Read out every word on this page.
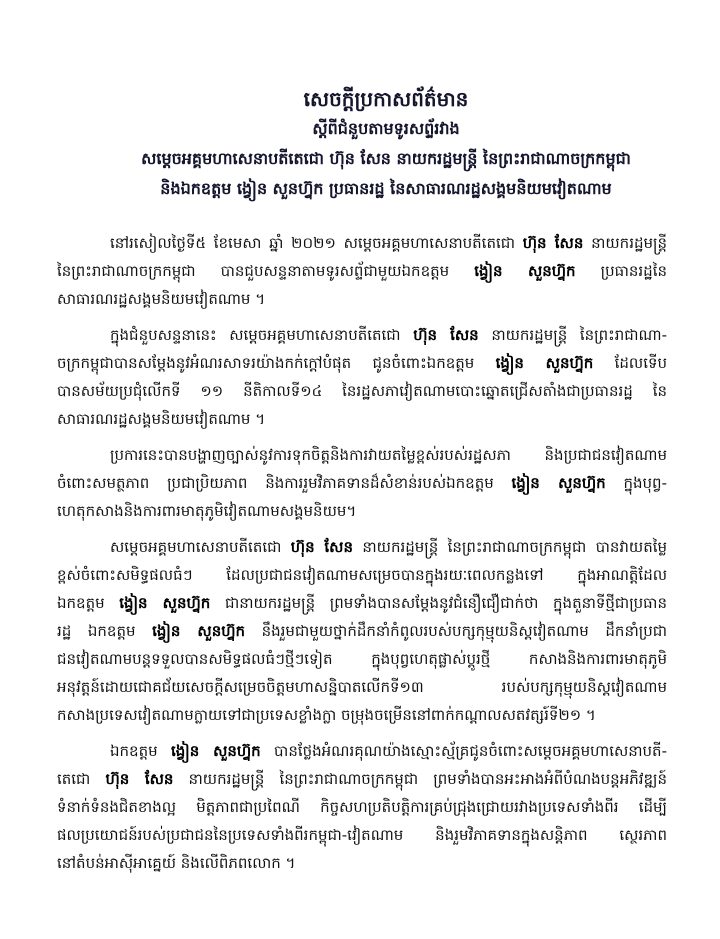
សេចក្តីប្រកាសព័ត៌មាន
ស្តីពីជំនួបតាមទូរសព្ទ័រវាង
សម្តេចអគ្គមហាសេនាបតីតេជោ ហ៊ុន សែន នាយករដ្ឋមន្ត្រី នៃព្រះរាជាណាចក្រកម្ពុជា
និងឯកឧត្តម ង្វៀន សួនហ្វ៊ុក ប្រធានរដ្ឋ នៃសាធារណរដ្ឋសង្គមនិយមវៀតណាម
នៅរសៀលថ្ងៃទី៥ ខែមេសា ឆ្នាំ ២០២១ សម្តេចអគ្គមហាសេនាបតីតេជោ ហ៊ុន សែន នាយករដ្ឋមន្ត្រី
នៃព្រះរាជាណាចក្រកម្ពុជា បានជួបសន្ទនាតាមទូរសព្ទ័ជាមួយឯកឧត្តម ង្វៀន សួនហ្វ៊ុក ប្រធានរដ្ឋនៃ
សាធារណរដ្ឋសង្គមនិយមវៀតណាម ។
ក្នុងជំនួបសន្ទនានេះ សម្តេចអគ្គមហាសេនាបតីតេជោ ហ៊ុន សែន នាយករដ្ឋមន្ត្រី នៃព្រះរាជាណា-
ចក្រកម្ពុជាបានសម្តែងនូវអំណរសាទរយ៉ាងកក់ក្តៅបំផុត ជូនចំពោះឯកឧត្តម ង្វៀន សួនហ្វ៊ុក ដែលទើប
បានសម័យប្រជុំលើកទី ១១ នីតិកាលទី១៤ នៃរដ្ឋសភាវៀតណាមបោះឆ្នោតជ្រើសតាំងជាប្រធានរដ្ឋ នៃ
សាធារណរដ្ឋសង្គមនិយមវៀតណាម ។
ប្រការនេះបានបង្ហាញច្បាស់នូវការទុកចិត្តនិងការវាយតម្លៃខ្ពស់របស់រដ្ឋសភា និងប្រជាជនវៀតណាម
ចំពោះសមត្ថភាព ប្រជាប្រិយភាព និងការរួមវិភាគទានដ៏សំខាន់របស់ឯកឧត្តម ង្វៀន សួនហ្វ៊ុក ក្នុងបុព្វ-
ហេតុកសាងនិងការពារមាតុភូមិវៀតណាមសង្គមនិយម។
សម្តេចអគ្គមហាសេនាបតីតេជោ ហ៊ុន សែន នាយករដ្ឋមន្ត្រី នៃព្រះរាជាណាចក្រកម្ពុជា បានវាយតម្លៃ
ខ្ពស់ចំពោះសមិទ្ធផលធំៗ ដែលប្រជាជនវៀតណាមសម្រេចបានក្នុងរយៈពេលកន្លងទៅ ក្នុងអាណត្តិដែល
ឯកឧត្តម ង្វៀន សួនហ្វ៊ុក ជានាយករដ្ឋមន្ត្រី ព្រមទាំងបានសម្តែងនូវជំនឿជឿជាក់ថា ក្នុងតួនាទីថ្មីជាប្រធាន
រដ្ឋ ឯកឧត្តម ង្វៀន សួនហ្វ៊ុក នឹងរួមជាមួយថ្នាក់ដឹកនាំកំពូលរបស់បក្សកុម្មុយនិស្តវៀតណាម ដឹកនាំប្រជា
ជនវៀតណាមបន្តទទួលបានសមិទ្ធផលធំៗថ្មីៗទៀត ក្នុងបុព្វហេតុផ្លាស់ប្តូរថ្មី កសាងនិងការពារមាតុភូមិ
អនុវត្តន៍ដោយជោគជ័យសេចក្តីសម្រេចចិត្តមហាសន្និបាតលើកទី១៣ របស់បក្សកុម្មុយនិស្តវៀតណាម
កសាងប្រទេសវៀតណាមក្លាយទៅជាប្រទេសខ្លាំងក្លា ចម្រុងចម្រើននៅពាក់កណ្តាលសតវត្សរ៍ទី២១ ។
ឯកឧត្តម ង្វៀន សួនហ្វ៊ុក បានថ្លែងអំណរគុណយ៉ាងស្មោះស្ម័គ្រជូនចំពោះសម្តេចអគ្គមហាសេនាបតី-
តេជោ ហ៊ុន សែន នាយករដ្ឋមន្ត្រី នៃព្រះរាជាណាចក្រកម្ពុជា ព្រមទាំងបានអះអាងអំពីបំណងបន្តអភិវឌ្ឍន៍
ទំនាក់ទំនងជិតខាងល្អ មិត្តភាពជាប្រពៃណី កិច្ចសហប្រតិបត្តិការគ្រប់ជ្រុងជ្រោយរវាងប្រទេសទាំងពីរ ដើម្បី
ផលប្រយោជន៍របស់ប្រជាជននៃប្រទេសទាំងពីរកម្ពុជា-វៀតណាម និងរួមវិភាគទានក្នុងសន្តិភាព ស្ថេរភាព
នៅតំបន់អាស៊ីអាគ្នេយ៍ និងលើពិភពលោក ។
